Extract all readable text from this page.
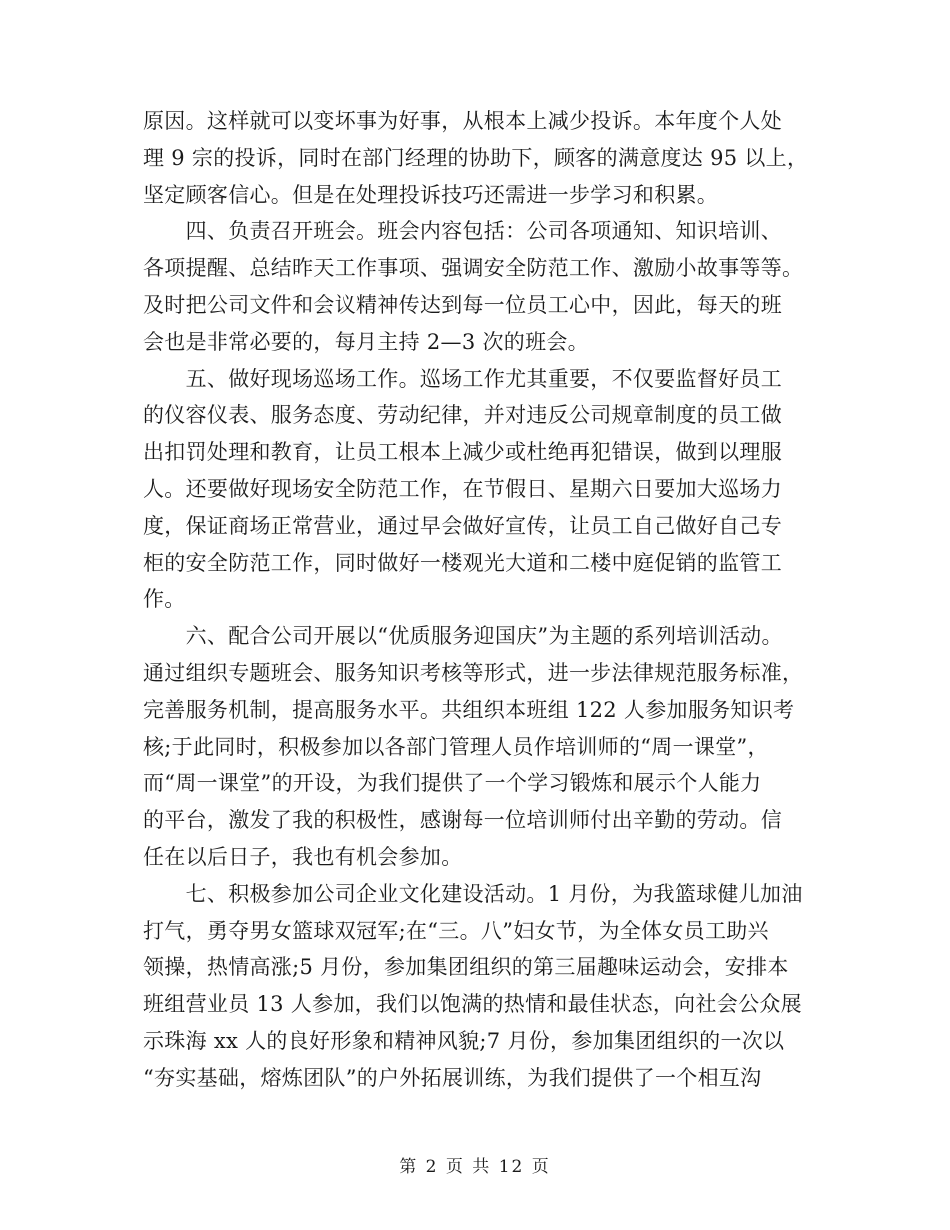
原因。这样就可以变坏事为好事，从根本上减少投诉。本年度个人处
理 9 宗的投诉，同时在部门经理的协助下，顾客的满意度达 95 以上，
坚定顾客信心。但是在处理投诉技巧还需进一步学习和积累。
　　四、负责召开班会。班会内容包括：公司各项通知、知识培训、
各项提醒、总结昨天工作事项、强调安全防范工作、激励小故事等等。
及时把公司文件和会议精神传达到每一位员工心中，因此，每天的班
会也是非常必要的，每月主持 2—3 次的班会。
　　五、做好现场巡场工作。巡场工作尤其重要，不仅要监督好员工
的仪容仪表、服务态度、劳动纪律，并对违反公司规章制度的员工做
出扣罚处理和教育，让员工根本上减少或杜绝再犯错误，做到以理服
人。还要做好现场安全防范工作，在节假日、星期六日要加大巡场力
度，保证商场正常营业，通过早会做好宣传，让员工自己做好自己专
柜的安全防范工作，同时做好一楼观光大道和二楼中庭促销的监管工
作。
　　六、配合公司开展以“优质服务迎国庆”为主题的系列培训活动。
通过组织专题班会、服务知识考核等形式，进一步法律规范服务标准，
完善服务机制，提高服务水平。共组织本班组 122 人参加服务知识考
核;于此同时，积极参加以各部门管理人员作培训师的“周一课堂”，
而“周一课堂”的开设，为我们提供了一个学习锻炼和展示个人能力
的平台，激发了我的积极性，感谢每一位培训师付出辛勤的劳动。信
任在以后日子，我也有机会参加。
　　七、积极参加公司企业文化建设活动。1 月份，为我篮球健儿加油
打气，勇夺男女篮球双冠军;在“三。八”妇女节，为全体女员工助兴
领操，热情高涨;5 月份，参加集团组织的第三届趣味运动会，安排本
班组营业员 13 人参加，我们以饱满的热情和最佳状态，向社会公众展
示珠海 xx 人的良好形象和精神风貌;7 月份，参加集团组织的一次以
“夯实基础，熔炼团队”的户外拓展训练，为我们提供了一个相互沟
第 2 页 共 12 页
